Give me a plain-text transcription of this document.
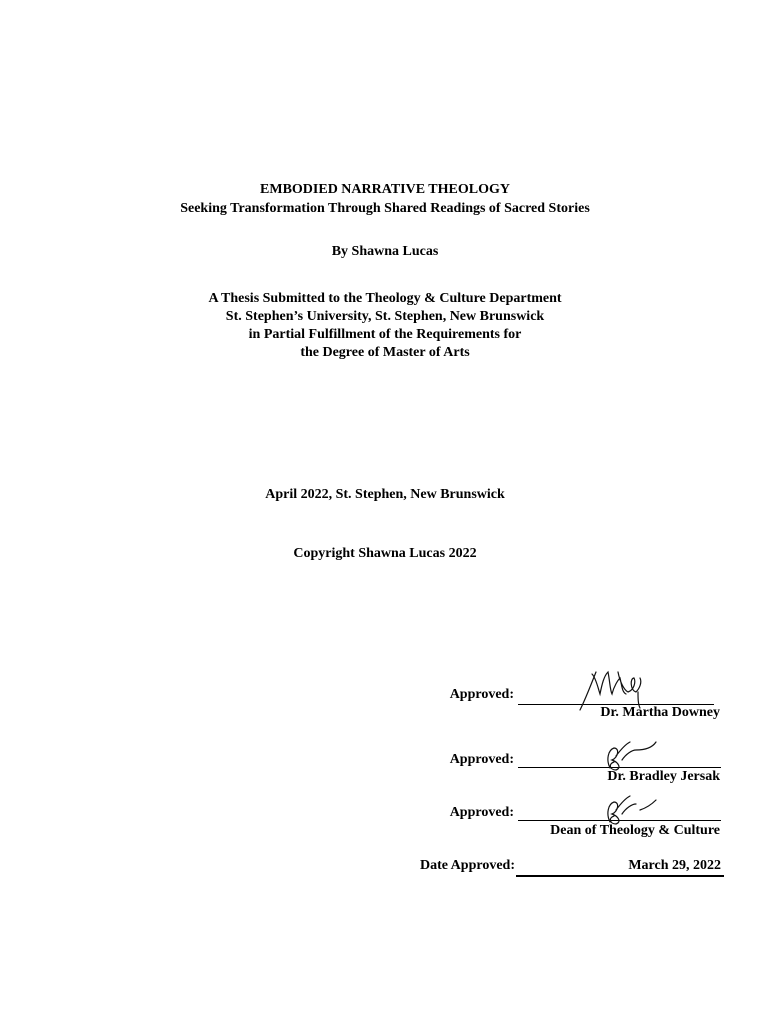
EMBODIED NARRATIVE THEOLOGY
Seeking Transformation Through Shared Readings of Sacred Stories
By Shawna Lucas
A Thesis Submitted to the Theology & Culture Department
St. Stephen’s University, St. Stephen, New Brunswick
in Partial Fulfillment of the Requirements for
the Degree of Master of Arts
April 2022, St. Stephen, New Brunswick
Copyright Shawna Lucas 2022
Approved:
Dr. Martha Downey
Approved:
Dr. Bradley Jersak
Approved:
Dean of Theology & Culture
Date Approved:	March 29, 2022
